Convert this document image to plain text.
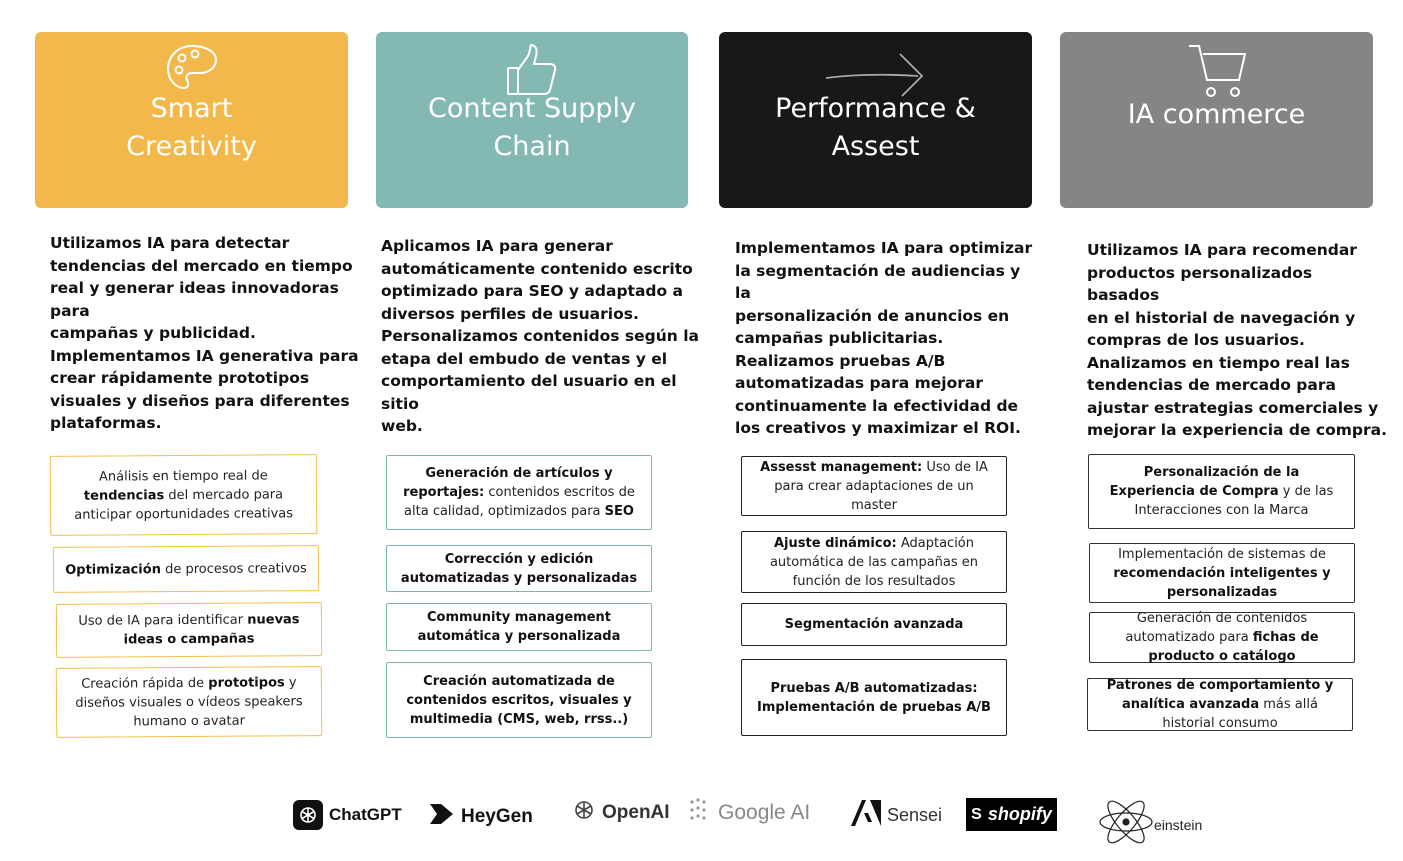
Smart
Creativity
Utilizamos IA para detectar
tendencias del mercado en tiempo
real y generar ideas innovadoras para
campañas y publicidad.
Implementamos IA generativa para
crear rápidamente prototipos
visuales y diseños para diferentes
plataformas.
Análisis en tiempo real de tendencias del mercado para anticipar oportunidades creativas
Optimización de procesos creativos
Uso de IA para identificar nuevas ideas o campañas
Creación rápida de prototipos y diseños visuales o vídeos speakers humano o avatar
Content Supply
Chain
Aplicamos IA para generar
automáticamente contenido escrito
optimizado para SEO y adaptado a
diversos perfiles de usuarios.
Personalizamos contenidos según la
etapa del embudo de ventas y el
comportamiento del usuario en el sitio
web.
Generación de artículos y reportajes: contenidos escritos de alta calidad, optimizados para SEO
Corrección y edición automatizadas y personalizadas
Community management automática y personalizada
Creación automatizada de contenidos escritos, visuales y multimedia (CMS, web, rrss..)
Performance &
Assest
Implementamos IA para optimizar
la segmentación de audiencias y la
personalización de anuncios en
campañas publicitarias.
Realizamos pruebas A/B
automatizadas para mejorar
continuamente la efectividad de
los creativos y maximizar el ROI.
Assesst management: Uso de IA para crear adaptaciones de un master
Ajuste dinámico: Adaptación automática de las campañas en función de los resultados
Segmentación avanzada
Pruebas A/B automatizadas: Implementación de pruebas A/B
IA commerce
Utilizamos IA para recomendar
productos personalizados basados
en el historial de navegación y
compras de los usuarios.
Analizamos en tiempo real las
tendencias de mercado para
ajustar estrategias comerciales y
mejorar la experiencia de compra.
Personalización de la Experiencia de Compra y de las Interacciones con la Marca
Implementación de sistemas de recomendación inteligentes y personalizadas
Generación de contenidos automatizado para fichas de producto o catálogo
Patrones de comportamiento y analítica avanzada más allá historial consumo
ChatGPT	HeyGen	OpenAI Google AI	Sensei S shopify
einstein
